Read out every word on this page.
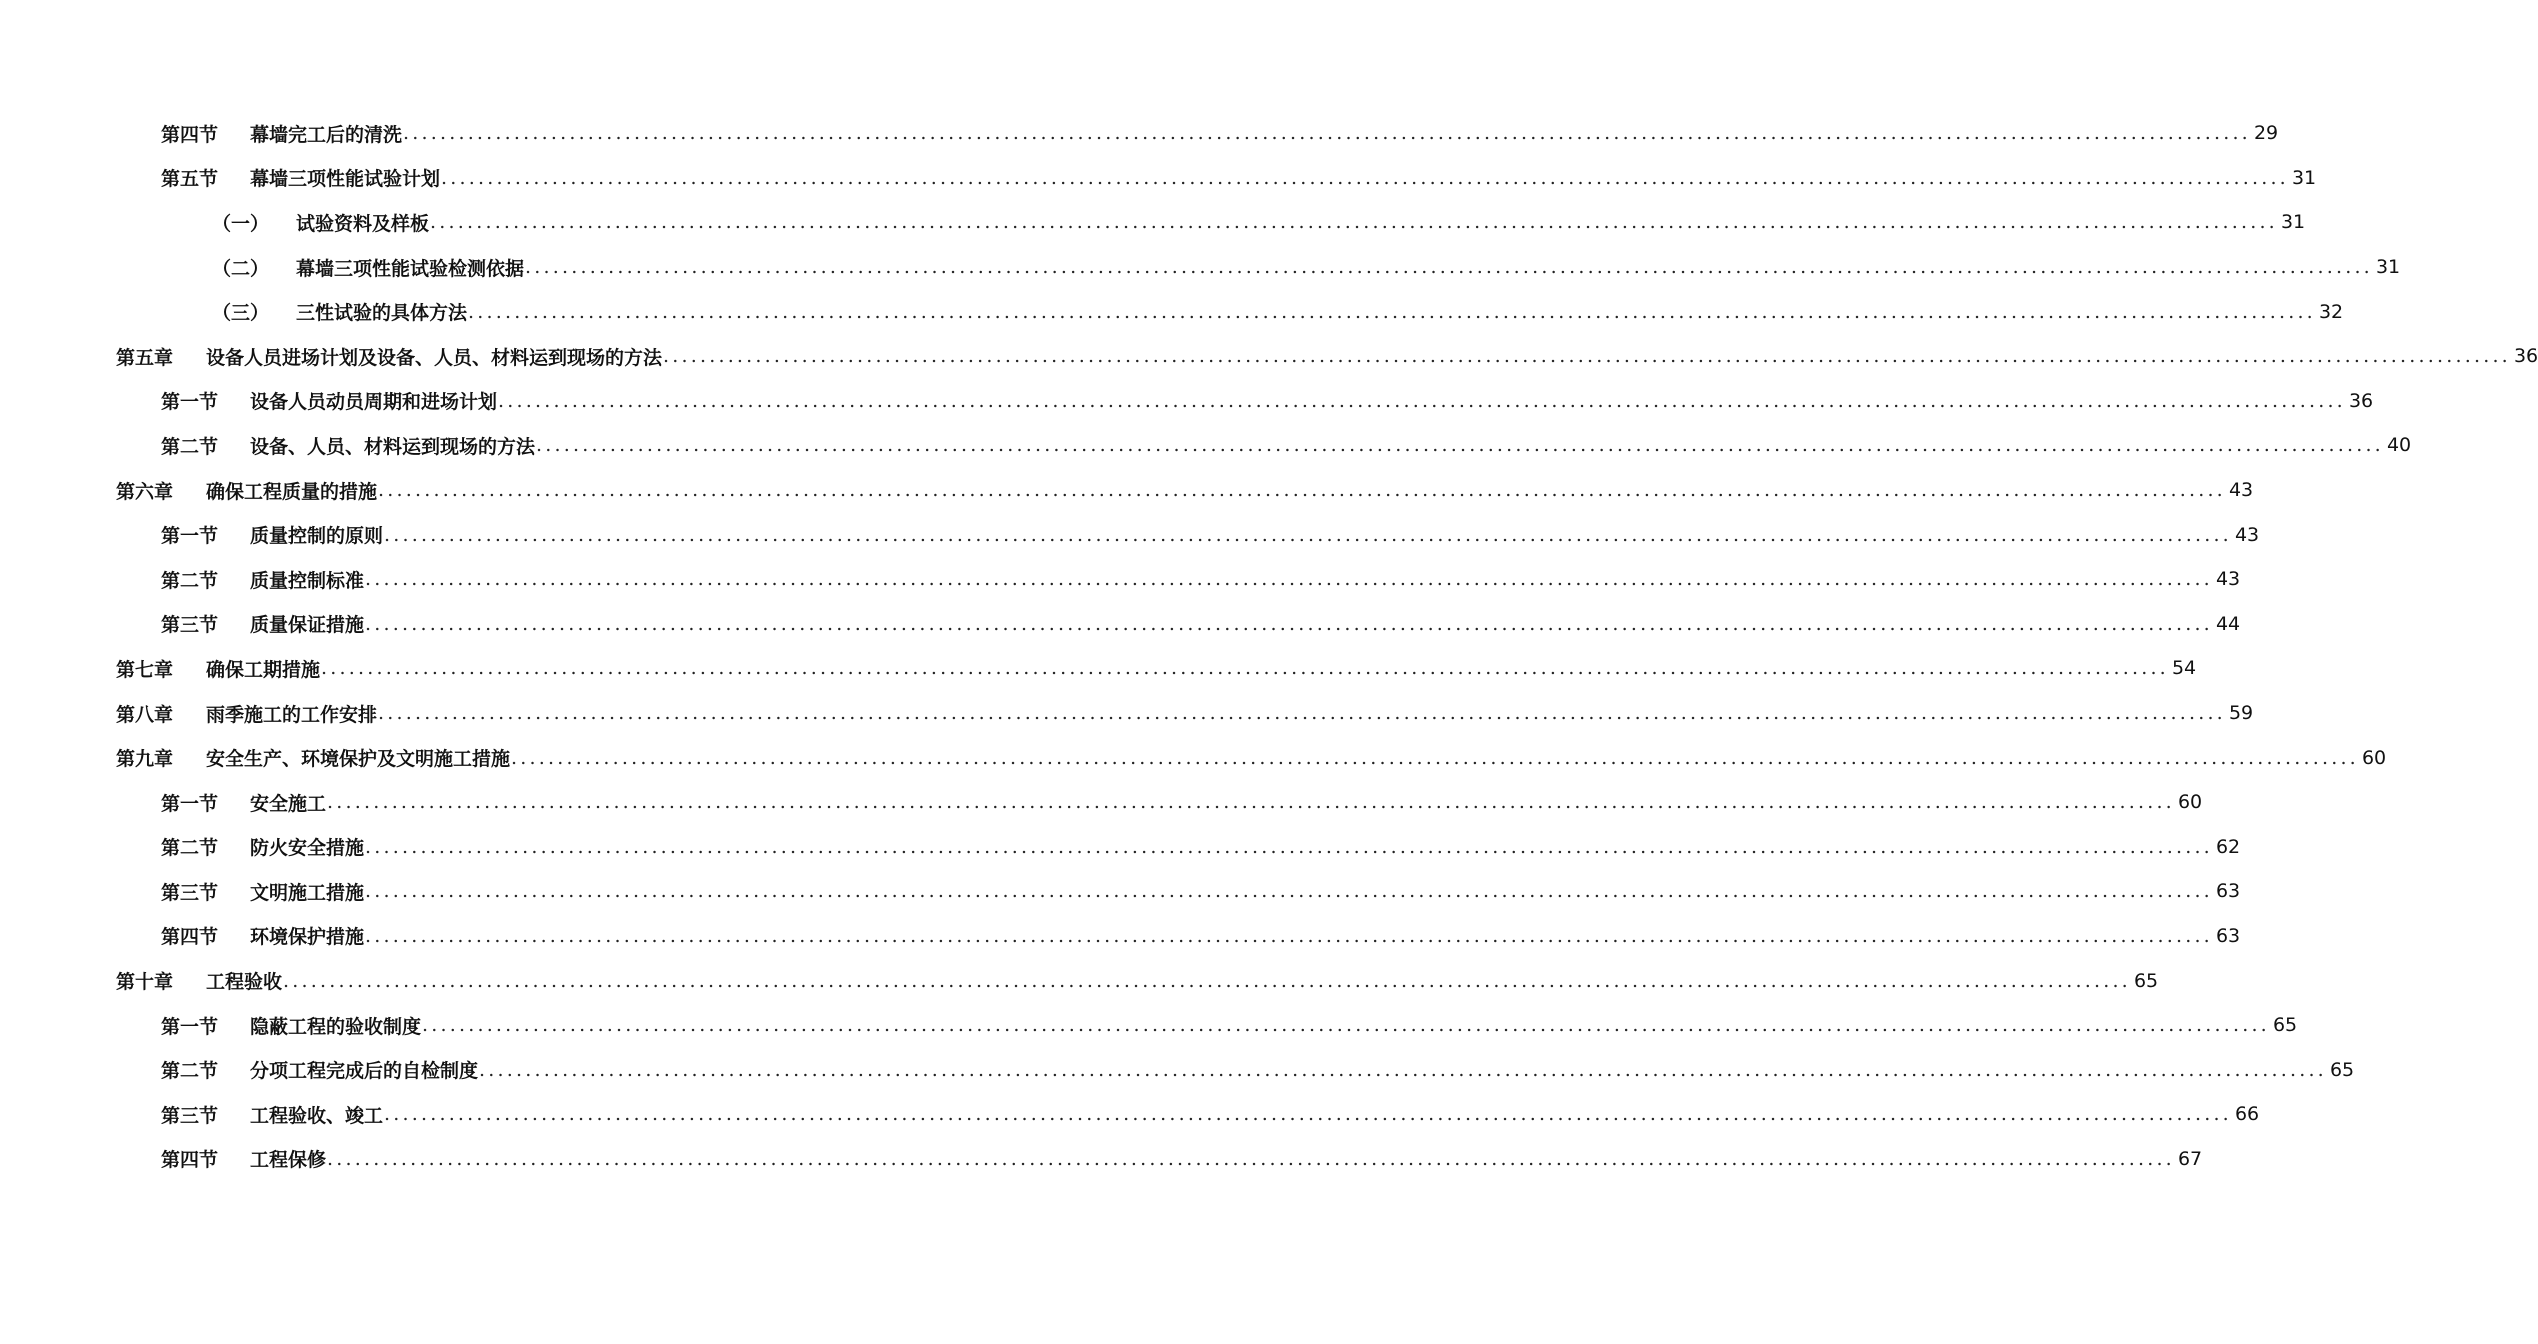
第四节	幕墙完工后的清洗 ........................................................................................................................................................................................................ 29
第五节	幕墙三项性能试验计划 ........................................................................................................................................................................................................ 31
（一）	试验资料及样板 ........................................................................................................................................................................................................ 31
（二）	幕墙三项性能试验检测依据 ........................................................................................................................................................................................................ 31
（三）	三性试验的具体方法 ........................................................................................................................................................................................................ 32
第五章	设备人员进场计划及设备、人员、材料运到现场的方法 ........................................................................................................................................................................................................ 36
第一节	设备人员动员周期和进场计划 ........................................................................................................................................................................................................ 36
第二节	设备、人员、材料运到现场的方法 ........................................................................................................................................................................................................ 40
第六章	确保工程质量的措施 ........................................................................................................................................................................................................ 43
第一节	质量控制的原则 ........................................................................................................................................................................................................ 43
第二节	质量控制标准 ........................................................................................................................................................................................................ 43
第三节	质量保证措施 ........................................................................................................................................................................................................ 44
第七章	确保工期措施 ........................................................................................................................................................................................................ 54
第八章	雨季施工的工作安排 ........................................................................................................................................................................................................ 59
第九章	安全生产、环境保护及文明施工措施 ........................................................................................................................................................................................................ 60
第一节	安全施工 ........................................................................................................................................................................................................ 60
第二节	防火安全措施 ........................................................................................................................................................................................................ 62
第三节	文明施工措施 ........................................................................................................................................................................................................ 63
第四节	环境保护措施 ........................................................................................................................................................................................................ 63
第十章	工程验收 ........................................................................................................................................................................................................ 65
第一节	隐蔽工程的验收制度 ........................................................................................................................................................................................................ 65
第二节	分项工程完成后的自检制度 ........................................................................................................................................................................................................ 65
第三节	工程验收、竣工 ........................................................................................................................................................................................................ 66
第四节	工程保修 ........................................................................................................................................................................................................ 67
